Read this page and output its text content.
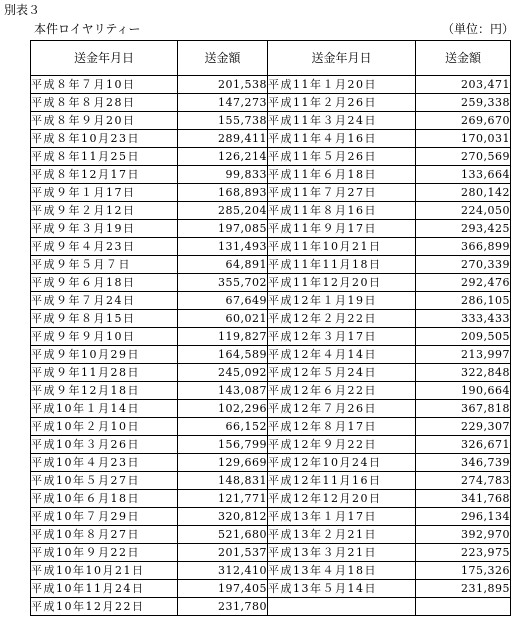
別表３
本件ロイヤリティー	（単位：円）
送金年月日	送金額	送金年月日	送金額
平成８年７月10日	201,538	平成11年１月20日	203,471
平成８年８月28日	147,273	平成11年２月26日	259,338
平成８年９月20日	155,738	平成11年３月24日	269,670
平成８年10月23日	289,411	平成11年４月16日	170,031
平成８年11月25日	126,214	平成11年５月26日	270,569
平成８年12月17日	99,833	平成11年６月18日	133,664
平成９年１月17日	168,893	平成11年７月27日	280,142
平成９年２月12日	285,204	平成11年８月16日	224,050
平成９年３月19日	197,085	平成11年９月17日	293,425
平成９年４月23日	131,493	平成11年10月21日	366,899
平成９年５月７日	64,891	平成11年11月18日	270,339
平成９年６月18日	355,702	平成11年12月20日	292,476
平成９年７月24日	67,649	平成12年１月19日	286,105
平成９年８月15日	60,021	平成12年２月22日	333,433
平成９年９月10日	119,827	平成12年３月17日	209,505
平成９年10月29日	164,589	平成12年４月14日	213,997
平成９年11月28日	245,092	平成12年５月24日	322,848
平成９年12月18日	143,087	平成12年６月22日	190,664
平成10年１月14日	102,296	平成12年７月26日	367,818
平成10年２月10日	66,152	平成12年８月17日	229,307
平成10年３月26日	156,799	平成12年９月22日	326,671
平成10年４月23日	129,669	平成12年10月24日	346,739
平成10年５月27日	148,831	平成12年11月16日	274,783
平成10年６月18日	121,771	平成12年12月20日	341,768
平成10年７月29日	320,812	平成13年１月17日	296,134
平成10年８月27日	521,680	平成13年２月21日	392,970
平成10年９月22日	201,537	平成13年３月21日	223,975
平成10年10月21日	312,410	平成13年４月18日	175,326
平成10年11月24日	197,405	平成13年５月14日	231,895
平成10年12月22日	231,780		
